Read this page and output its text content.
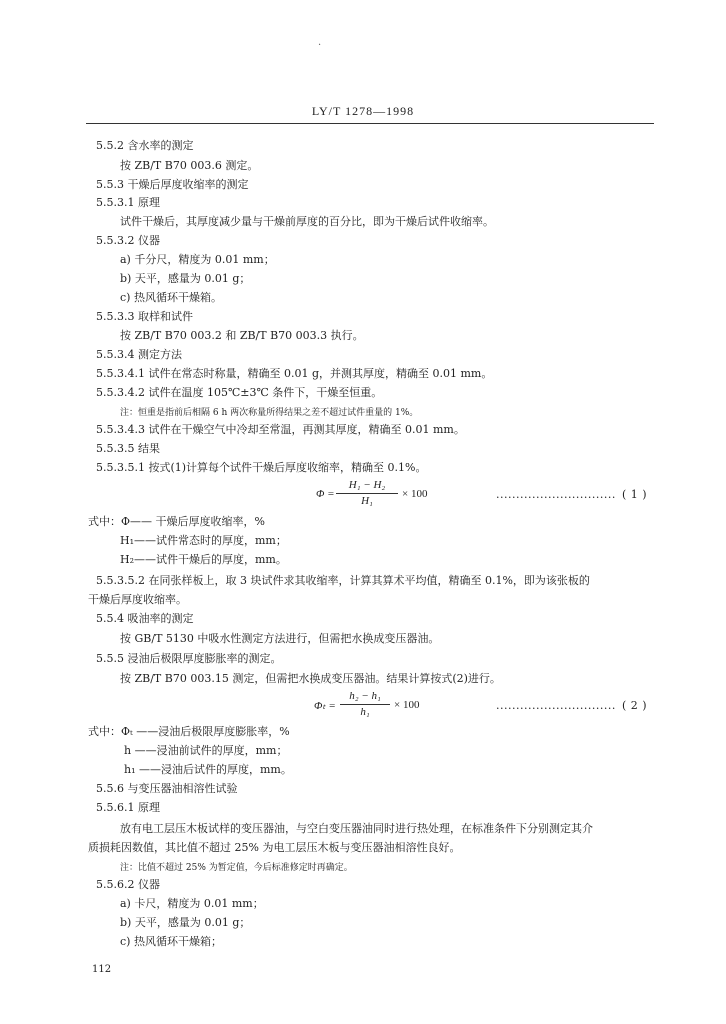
·
LY/T 1278—1998
5.5.2 含水率的测定
按 ZB/T B70 003.6 测定。
5.5.3 干燥后厚度收缩率的测定
5.5.3.1 原理
试件干燥后，其厚度减少量与干燥前厚度的百分比，即为干燥后试件收缩率。
5.5.3.2 仪器
a) 千分尺，精度为 0.01 mm；
b) 天平，感量为 0.01 g；
c) 热风循环干燥箱。
5.5.3.3 取样和试件
按 ZB/T B70 003.2 和 ZB/T B70 003.3 执行。
5.5.3.4 测定方法
5.5.3.4.1 试件在常态时称量，精确至 0.01 g，并测其厚度，精确至 0.01 mm。
5.5.3.4.2 试件在温度 105℃±3℃ 条件下，干燥至恒重。
注：恒重是指前后相隔 6 h 两次称量所得结果之差不超过试件重量的 1%。
5.5.3.4.3 试件在干燥空气中冷却至常温，再测其厚度，精确至 0.01 mm。
5.5.3.5 结果
5.5.3.5.1 按式(1)计算每个试件干燥后厚度收缩率，精确至 0.1%。
Φ =
H₁ − H₂
H₁
× 100	.............................. ( 1 )
式中：Φ—— 干燥后厚度收缩率，%
H₁——试件常态时的厚度，mm；
H₂——试件干燥后的厚度，mm。
5.5.3.5.2 在同张样板上，取 3 块试件求其收缩率，计算其算术平均值，精确至 0.1%，即为该张板的
干燥后厚度收缩率。
5.5.4 吸油率的测定
按 GB/T 5130 中吸水性测定方法进行，但需把水换成变压器油。
5.5.5 浸油后极限厚度膨胀率的测定。
按 ZB/T B70 003.15 测定，但需把水换成变压器油。结果计算按式(2)进行。
Φₜ =
h₂ − h₁
h₁
× 100	.............................. ( 2 )
式中：Φₜ ——浸油后极限厚度膨胀率，%
h ——浸油前试件的厚度，mm；
h₁ ——浸油后试件的厚度，mm。
5.5.6 与变压器油相溶性试验
5.5.6.1 原理
放有电工层压木板试样的变压器油，与空白变压器油同时进行热处理，在标准条件下分别测定其介
质损耗因数值，其比值不超过 25% 为电工层压木板与变压器油相溶性良好。
注：比值不超过 25% 为暂定值，今后标准修定时再确定。
5.5.6.2 仪器
a) 卡尺，精度为 0.01 mm；
b) 天平，感量为 0.01 g；
c) 热风循环干燥箱；
112
